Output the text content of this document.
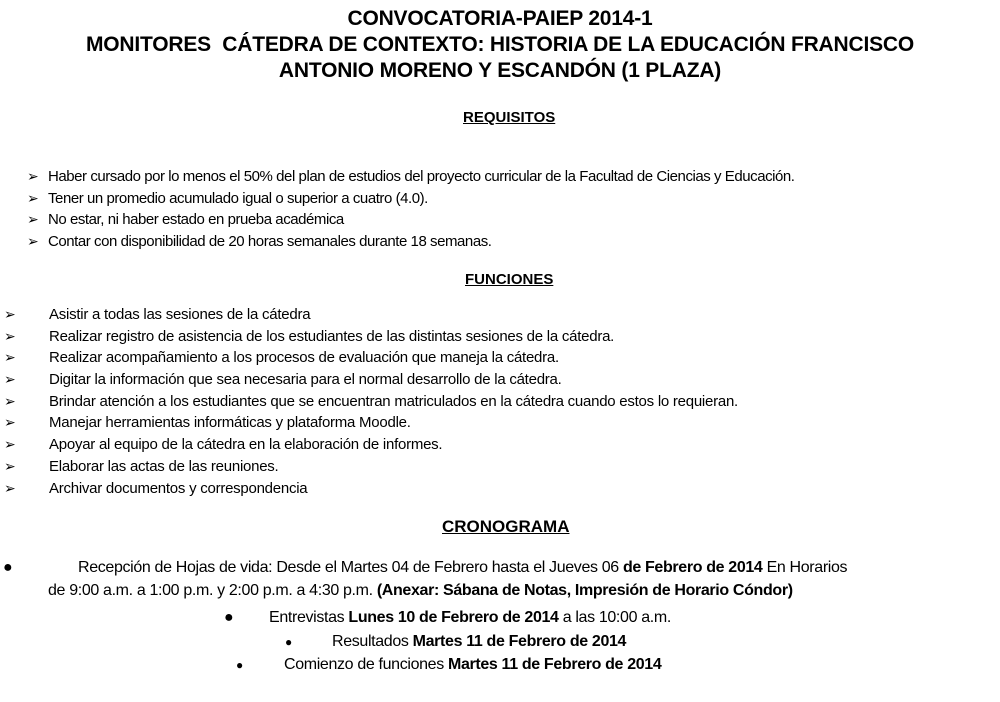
CONVOCATORIA-PAIEP 2014-1
MONITORES  CÁTEDRA DE CONTEXTO: HISTORIA DE LA EDUCACIÓN FRANCISCO
ANTONIO MORENO Y ESCANDÓN (1 PLAZA)
REQUISITOS
➢ Haber cursado por lo menos el 50% del plan de estudios del proyecto curricular de la Facultad de Ciencias y Educación.
➢ Tener un promedio acumulado igual o superior a cuatro (4.0).
➢ No estar, ni haber estado en prueba académica
➢ Contar con disponibilidad de 20 horas semanales durante 18 semanas.
FUNCIONES
➢ Asistir a todas las sesiones de la cátedra
➢ Realizar registro de asistencia de los estudiantes de las distintas sesiones de la cátedra.
➢ Realizar acompañamiento a los procesos de evaluación que maneja la cátedra.
➢ Digitar la información que sea necesaria para el normal desarrollo de la cátedra.
➢ Brindar atención a los estudiantes que se encuentran matriculados en la cátedra cuando estos lo requieran.
➢ Manejar herramientas informáticas y plataforma Moodle.
➢ Apoyar al equipo de la cátedra en la elaboración de informes.
➢ Elaborar las actas de las reuniones.
➢ Archivar documentos y correspondencia
CRONOGRAMA
●	Recepción de Hojas de vida: Desde el Martes 04 de Febrero hasta el Jueves 06 de Febrero de 2014 En Horarios
de 9:00 a.m. a 1:00 p.m. y 2:00 p.m. a 4:30 p.m. (Anexar: Sábana de Notas, Impresión de Horario Cóndor)
● Entrevistas Lunes 10 de Febrero de 2014 a las 10:00 a.m.
●	Resultados Martes 11 de Febrero de 2014
●	Comienzo de funciones Martes 11 de Febrero de 2014
